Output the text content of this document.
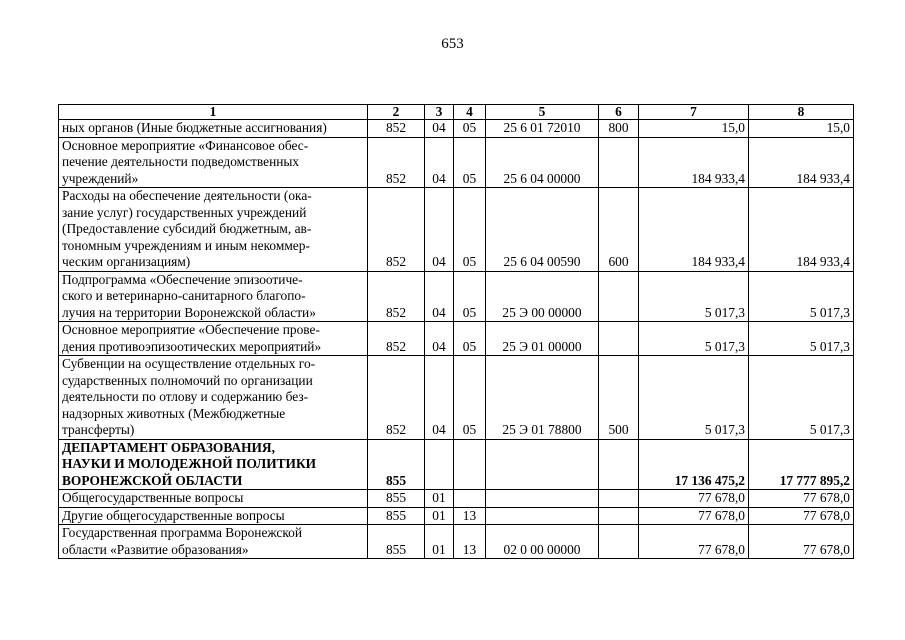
653
1	2	3	4	5	6	7	8
ных органов (Иные бюджетные ассигнования)	852	04	05	25 6 01 72010	800	15,0	15,0
Основное мероприятие «Финансовое обес-
печение деятельности подведомственных
учреждений»	852	04	05	25 6 04 00000		184 933,4	184 933,4
Расходы на обеспечение деятельности (ока-
зание услуг) государственных учреждений
(Предоставление субсидий бюджетным, ав-
тономным учреждениям и иным некоммер-
ческим организациям)	852	04	05	25 6 04 00590	600	184 933,4	184 933,4
Подпрограмма «Обеспечение эпизоотиче-
ского и ветеринарно-санитарного благопо-
лучия на территории Воронежской области»	852	04	05	25 Э 00 00000		5 017,3	5 017,3
Основное мероприятие «Обеспечение прове-
дения противоэпизоотических мероприятий»	852	04	05	25 Э 01 00000		5 017,3	5 017,3
Субвенции на осуществление отдельных го-
сударственных полномочий по организации
деятельности по отлову и содержанию без-
надзорных животных (Межбюджетные
трансферты)	852	04	05	25 Э 01 78800	500	5 017,3	5 017,3
ДЕПАРТАМЕНТ ОБРАЗОВАНИЯ,
НАУКИ И МОЛОДЕЖНОЙ ПОЛИТИКИ
ВОРОНЕЖСКОЙ ОБЛАСТИ	855					17 136 475,2	17 777 895,2
Общегосударственные вопросы	855	01				77 678,0	77 678,0
Другие общегосударственные вопросы	855	01	13			77 678,0	77 678,0
Государственная программа Воронежской
области «Развитие образования»	855	01	13	02 0 00 00000		77 678,0	77 678,0
